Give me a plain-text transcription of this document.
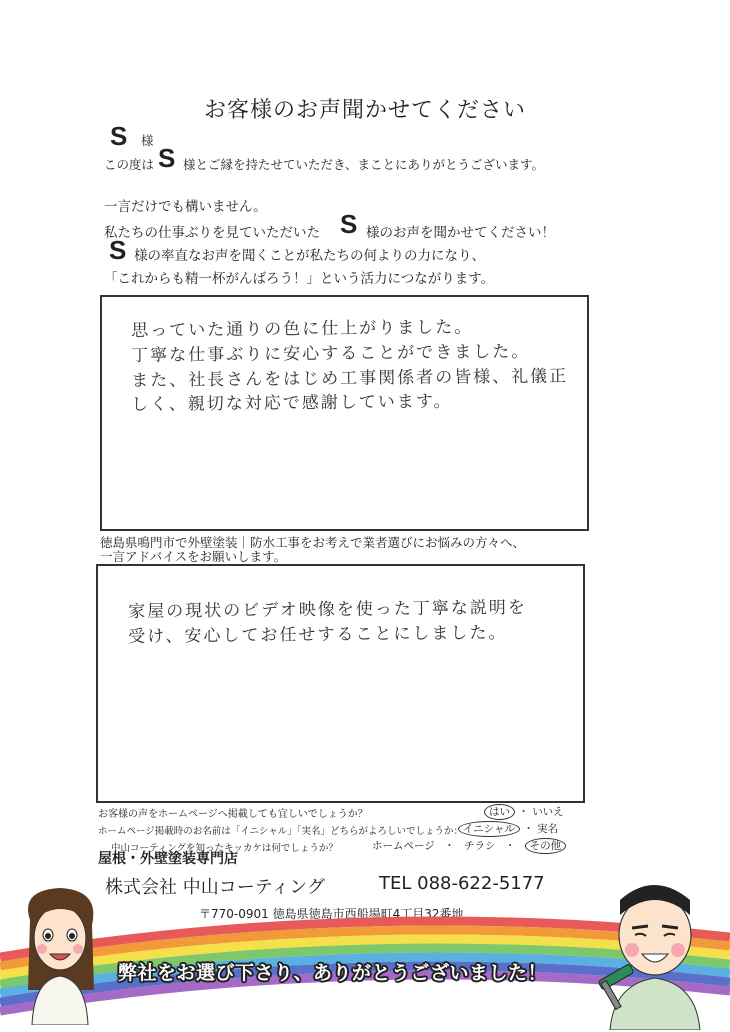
お客様のお声聞かせてください
S 様
この度は S 様とご縁を持たせていただき、まことにありがとうございます。
一言だけでも構いません。
私たちの仕事ぶりを見ていただいた S 様のお声を聞かせてください！
S 様の率直なお声を聞くことが私たちの何よりの力になり、
「これからも精一杯がんばろう！」という活力につながります。
思っていた通りの色に仕上がりました。
丁寧な仕事ぶりに安心することができました。
また、社長さんをはじめ工事関係者の皆様、礼儀正
しく、親切な対応で感謝しています。
徳島県鳴門市で外壁塗装｜防水工事をお考えで業者選びにお悩みの方々へ、
一言アドバイスをお願いします。
家屋の現状のビデオ映像を使った丁寧な説明を
受け、安心してお任せすることにしました。
お客様の声をホームページへ掲載しても宜しいでしょうか？	はい ・ いいえ
ホームページ掲載時のお名前は「イニシャル」「実名」どちらがよろしいでしょうか： イニシャル ・ 実名
中山コーティングを知ったキッカケは何でしょうか？	ホームページ ・ チラシ ・ その他
屋根・外壁塗装専門店
株式会社 中山コーティング	TEL 088-622-5177
〒770-0901 徳島県徳島市西船場町4丁目32番地
弊社をお選び下さり、ありがとうございました！
